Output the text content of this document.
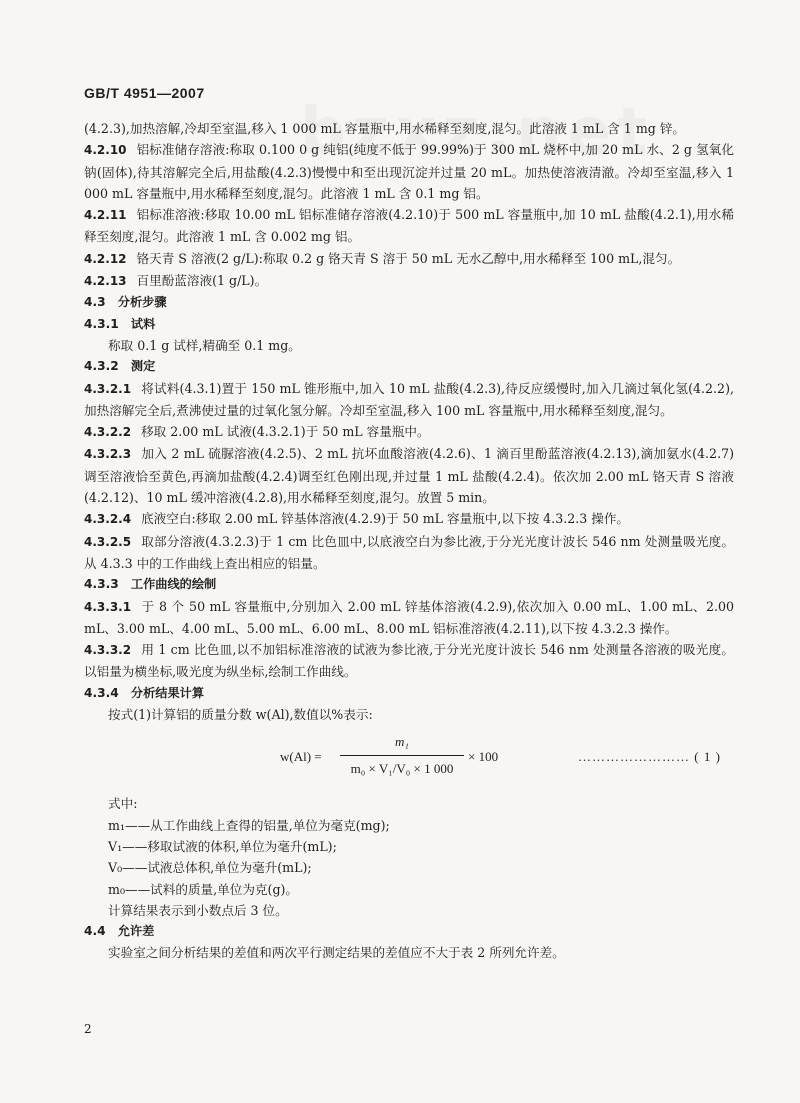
GB/T 4951—2007

(4.2.3),加热溶解,冷却至室温,移入 1 000 mL 容量瓶中,用水稀释至刻度,混匀。此溶液 1 mL 含 1 mg 锌。

4.2.10 铝标准储存溶液:称取 0.100 0 g 纯铝(纯度不低于 99.99%)于 300 mL 烧杯中,加 20 mL 水、2 g 氢氧化钠(固体),待其溶解完全后,用盐酸(4.2.3)慢慢中和至出现沉淀并过量 20 mL。加热使溶液清澈。冷却至室温,移入 1 000 mL 容量瓶中,用水稀释至刻度,混匀。此溶液 1 mL 含 0.1 mg 铝。

4.2.11 铝标准溶液:移取 10.00 mL 铝标准储存溶液(4.2.10)于 500 mL 容量瓶中,加 10 mL 盐酸(4.2.1),用水稀释至刻度,混匀。此溶液 1 mL 含 0.002 mg 铝。

4.2.12 铬天青 S 溶液(2 g/L):称取 0.2 g 铬天青 S 溶于 50 mL 无水乙醇中,用水稀释至 100 mL,混匀。

4.2.13 百里酚蓝溶液(1 g/L)。

4.3　分析步骤

4.3.1　试料

称取 0.1 g 试样,精确至 0.1 mg。

4.3.2　测定

4.3.2.1 将试料(4.3.1)置于 150 mL 锥形瓶中,加入 10 mL 盐酸(4.2.3),待反应缓慢时,加入几滴过氧化氢(4.2.2),加热溶解完全后,煮沸使过量的过氧化氢分解。冷却至室温,移入 100 mL 容量瓶中,用水稀释至刻度,混匀。

4.3.2.2 移取 2.00 mL 试液(4.3.2.1)于 50 mL 容量瓶中。

4.3.2.3 加入 2 mL 硫脲溶液(4.2.5)、2 mL 抗坏血酸溶液(4.2.6)、1 滴百里酚蓝溶液(4.2.13),滴加氨水(4.2.7)调至溶液恰至黄色,再滴加盐酸(4.2.4)调至红色刚出现,并过量 1 mL 盐酸(4.2.4)。依次加 2.00 mL 铬天青 S 溶液(4.2.12)、10 mL 缓冲溶液(4.2.8),用水稀释至刻度,混匀。放置 5 min。

4.3.2.4 底液空白:移取 2.00 mL 锌基体溶液(4.2.9)于 50 mL 容量瓶中,以下按 4.3.2.3 操作。

4.3.2.5 取部分溶液(4.3.2.3)于 1 cm 比色皿中,以底液空白为参比液,于分光光度计波长 546 nm 处测量吸光度。从 4.3.3 中的工作曲线上查出相应的铝量。

4.3.3　工作曲线的绘制

4.3.3.1 于 8 个 50 mL 容量瓶中,分别加入 2.00 mL 锌基体溶液(4.2.9),依次加入 0.00 mL、1.00 mL、2.00 mL、3.00 mL、4.00 mL、5.00 mL、6.00 mL、8.00 mL 铝标准溶液(4.2.11),以下按 4.3.2.3 操作。

4.3.3.2 用 1 cm 比色皿,以不加铝标准溶液的试液为参比液,于分光光度计波长 546 nm 处测量各溶液的吸光度。以铝量为横坐标,吸光度为纵坐标,绘制工作曲线。

4.3.4　分析结果计算

按式(1)计算铝的质量分数 w(Al),数值以%表示:

w(Al) =
m₁
m₀ × V₁/V₀ × 1 000
× 100	…………………… ( 1 )

式中:

m₁——从工作曲线上查得的铝量,单位为毫克(mg);

V₁——移取试液的体积,单位为毫升(mL);

V₀——试液总体积,单位为毫升(mL);

m₀——试料的质量,单位为克(g)。

计算结果表示到小数点后 3 位。

4.4　允许差

实验室之间分析结果的差值和两次平行测定结果的差值应不大于表 2 所列允许差。

2
